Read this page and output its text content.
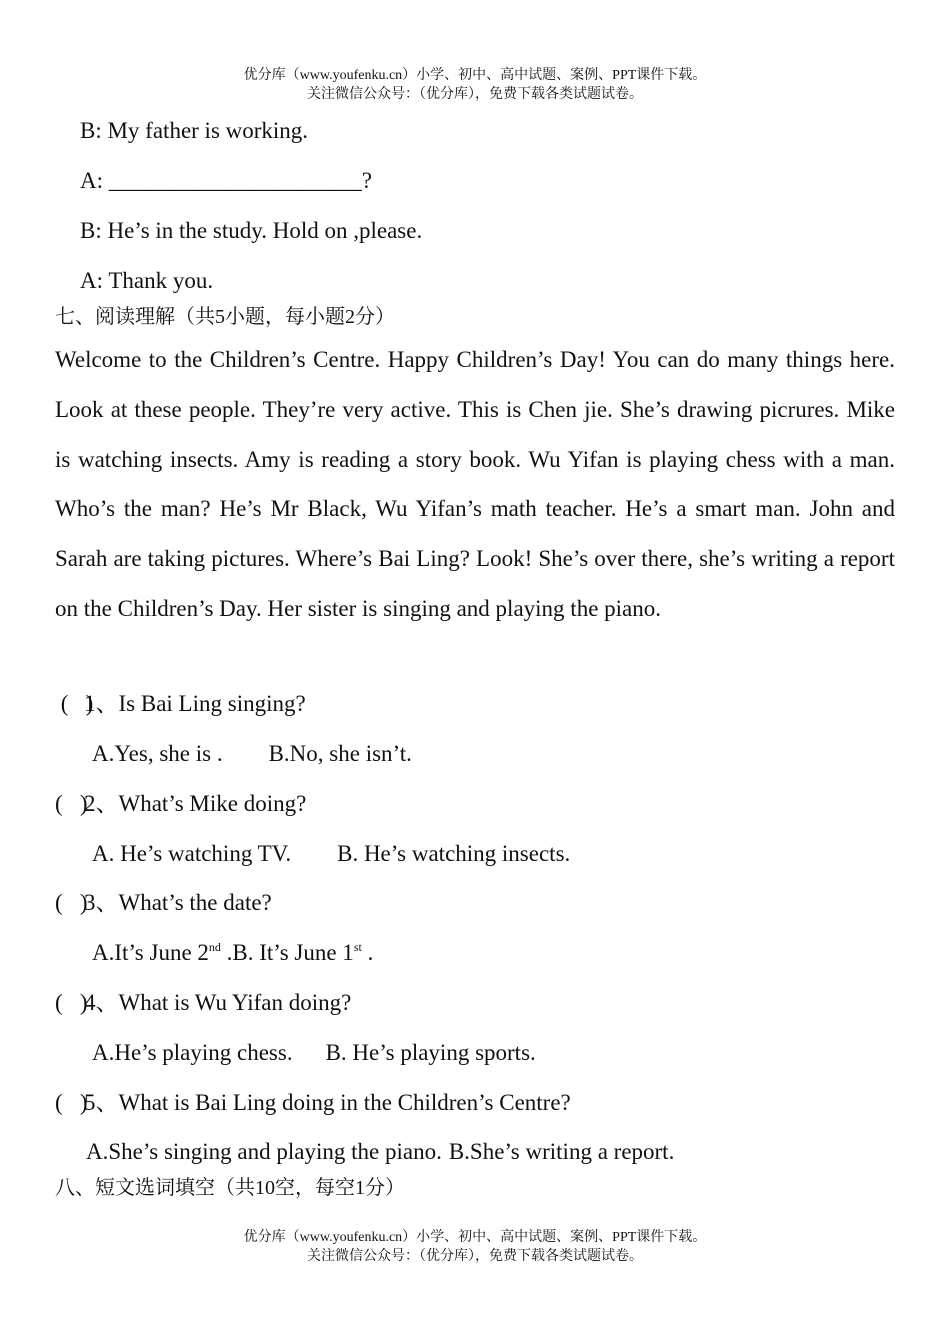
优分库（www.youfenku.cn）小学、初中、高中试题、案例、PPT课件下载。
关注微信公众号：（优分库），免费下载各类试题试卷。
B: My father is working.
A: ______________________?
B: He’s in the study. Hold on ,please.
A: Thank you.
七、阅读理解（共5小题，每小题2分）

Welcome to the Children’s Centre. Happy Children’s Day! You can do many things here. Look at these people. They’re very active. This is Chen jie. She’s drawing picrures. Mike is watching insects. Amy is reading a story book. Wu Yifan is playing chess with a man. Who’s the man? He’s Mr Black, Wu Yifan’s math teacher. He’s a smart man. John and Sarah are taking pictures. Where’s Bai Ling? Look! She’s over there, she’s writing a report on the Children’s Day. Her sister is singing and playing the piano.

(   )1、Is Bai Ling singing?
A.Yes, she is . B.No, she isn’t.
(   )2、What’s Mike doing?
A. He’s watching TV. B. He’s watching insects.
(   )3、What’s the date?
A.It’s June 2nd .B. It’s June 1st .
(   )4、What is Wu Yifan doing?
A.He’s playing chess. B. He’s playing sports.
(   )5、What is Bai Ling doing in the Children’s Centre?
A.She’s singing and playing the piano. B.She’s writing a report.
八、短文选词填空（共10空，每空1分）
优分库（www.youfenku.cn）小学、初中、高中试题、案例、PPT课件下载。
关注微信公众号：（优分库），免费下载各类试题试卷。
